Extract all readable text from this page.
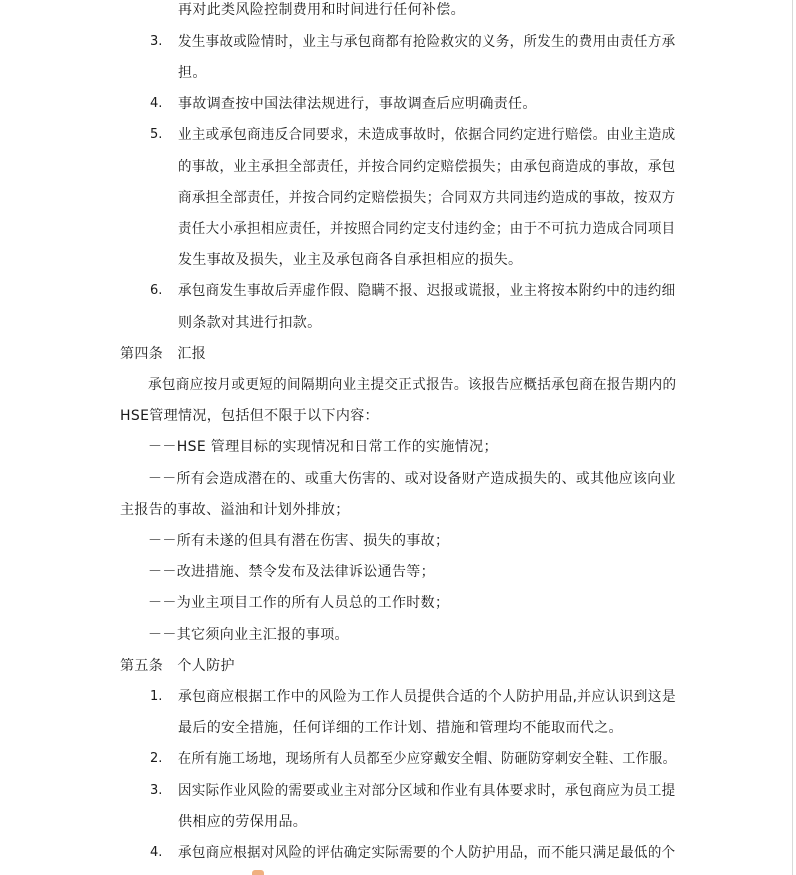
再对此类风险控制费用和时间进行任何补偿。
3. 发生事故或险情时，业主与承包商都有抢险救灾的义务，所发生的费用由责任方承
担。
4. 事故调查按中国法律法规进行，事故调查后应明确责任。
5. 业主或承包商违反合同要求，未造成事故时，依据合同约定进行赔偿。由业主造成
的事故，业主承担全部责任，并按合同约定赔偿损失；由承包商造成的事故，承包
商承担全部责任，并按合同约定赔偿损失；合同双方共同违约造成的事故，按双方
责任大小承担相应责任，并按照合同约定支付违约金；由于不可抗力造成合同项目
发生事故及损失，业主及承包商各自承担相应的损失。
6. 承包商发生事故后弄虚作假、隐瞒不报、迟报或谎报，业主将按本附约中的违约细
则条款对其进行扣款。
第四条　汇报
承包商应按月或更短的间隔期向业主提交正式报告。该报告应概括承包商在报告期内的
HSE管理情况，包括但不限于以下内容：
－－HSE 管理目标的实现情况和日常工作的实施情况；
－－所有会造成潜在的、或重大伤害的、或对设备财产造成损失的、或其他应该向业
主报告的事故、溢油和计划外排放；
－－所有未遂的但具有潜在伤害、损失的事故；
－－改进措施、禁令发布及法律诉讼通告等；
－－为业主项目工作的所有人员总的工作时数；
－－其它须向业主汇报的事项。
第五条　个人防护
1. 承包商应根据工作中的风险为工作人员提供合适的个人防护用品,并应认识到这是
最后的安全措施，任何详细的工作计划、措施和管理均不能取而代之。
2. 在所有施工场地，现场所有人员都至少应穿戴安全帽、防砸防穿刺安全鞋、工作服。
3. 因实际作业风险的需要或业主对部分区域和作业有具体要求时，承包商应为员工提
供相应的劳保用品。
4. 承包商应根据对风险的评估确定实际需要的个人防护用品，而不能只满足最低的个
